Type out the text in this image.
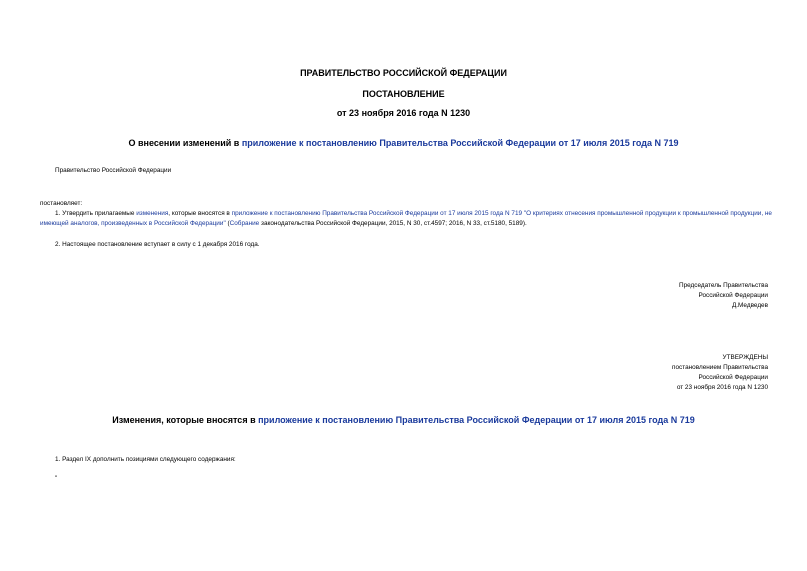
ПРАВИТЕЛЬСТВО РОССИЙСКОЙ ФЕДЕРАЦИИ
ПОСТАНОВЛЕНИЕ
от 23 ноября 2016 года N 1230
О внесении изменений в приложение к постановлению Правительства Российской Федерации от 17 июля 2015 года N 719
Правительство Российской Федерации
постановляет:
1. Утвердить прилагаемые изменения, которые вносятся в приложение к постановлению Правительства Российской Федерации от 17 июля 2015 года N 719 "О критериях отнесения промышленной продукции к промышленной продукции, не имеющей аналогов, произведенных в Российской Федерации" (Собрание законодательства Российской Федерации, 2015, N 30, ст.4597; 2016, N 33, ст.5180, 5189).
2. Настоящее постановление вступает в силу с 1 декабря 2016 года.
Председатель Правительства
Российской Федерации
Д.Медведев
УТВЕРЖДЕНЫ
постановлением Правительства
Российской Федерации
от 23 ноября 2016 года N 1230
Изменения, которые вносятся в приложение к постановлению Правительства Российской Федерации от 17 июля 2015 года N 719
1. Раздел IX дополнить позициями следующего содержания:
"
